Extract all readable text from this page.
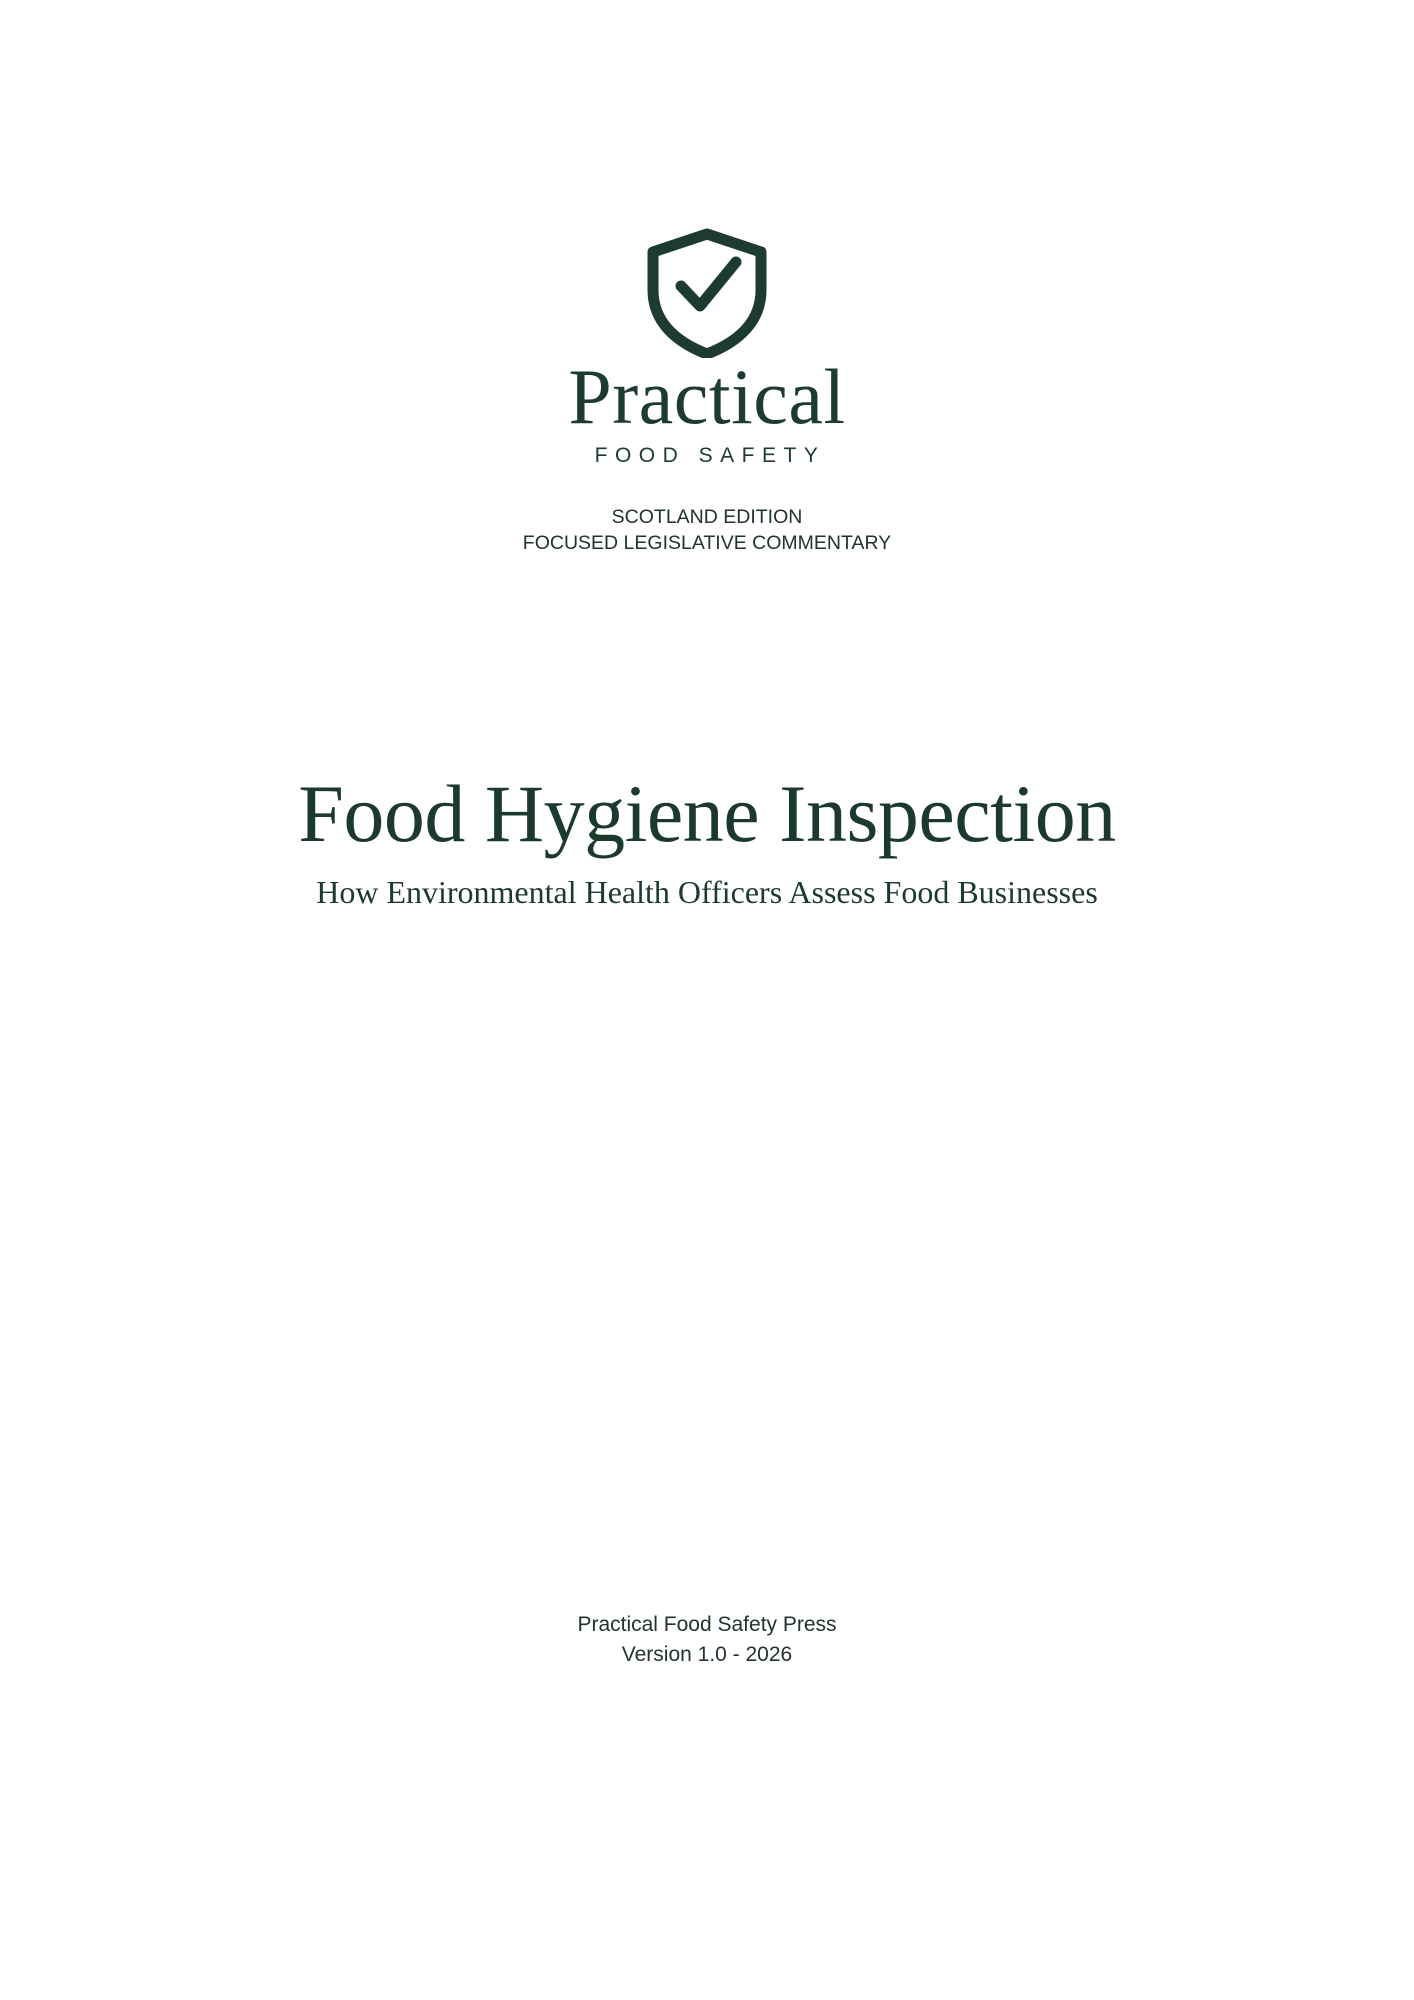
Practical
FOOD SAFETY
SCOTLAND EDITION
FOCUSED LEGISLATIVE COMMENTARY
Food Hygiene Inspection
How Environmental Health Officers Assess Food Businesses
Practical Food Safety Press
Version 1.0 - 2026
